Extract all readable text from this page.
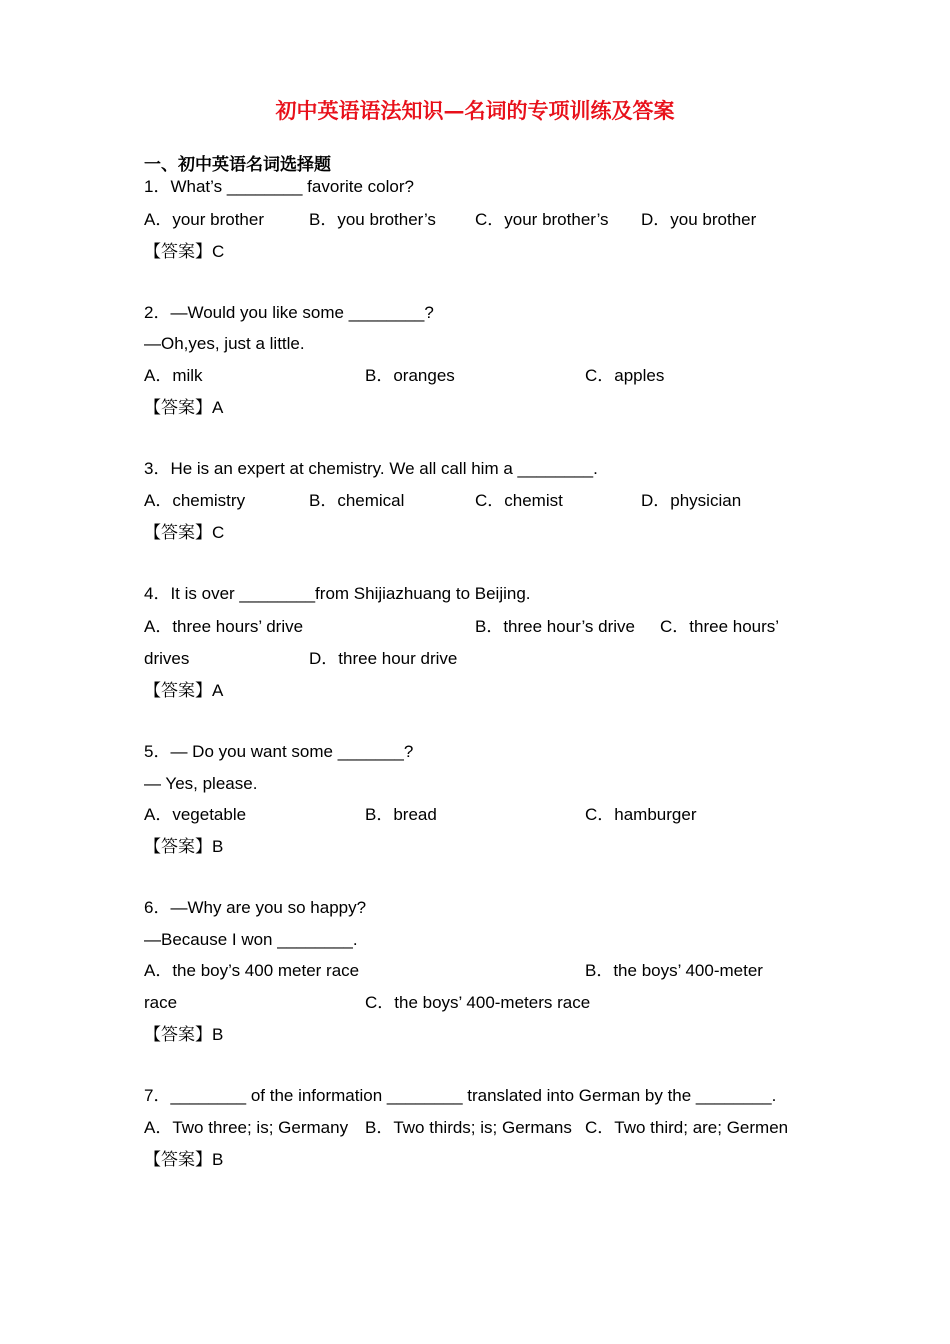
初中英语语法知识—名词的专项训练及答案
一、初中英语名词选择题
1．What’s ________ favorite color?
A．your brother	B．you brother’s C．your brother’s D．you brother
【答案】C
2．—Would you like some ________?
—Oh,yes, just a little.
A．milk	B．oranges	C．apples
【答案】A
3．He is an expert at chemistry. We all call him a ________.
A．chemistry	B．chemical	C．chemist	D．physician
【答案】C
4．It is over ________from Shijiazhuang to Beijing.
A．three hours’ drive	B．three hour’s drive C．three hours’
drives	D．three hour drive
【答案】A
5．— Do you want some _______?
— Yes, please.
A．vegetable	B．bread	C．hamburger
【答案】B
6．—Why are you so happy?
—Because I won ________.
A．the boy’s 400 meter race	B．the boys’ 400-meter
race	C．the boys’ 400-meters race
【答案】B
7．________ of the information ________ translated into German by the ________.
A．Two three; is; Germany B．Two thirds; is; Germans C．Two third; are; Germen
【答案】B
